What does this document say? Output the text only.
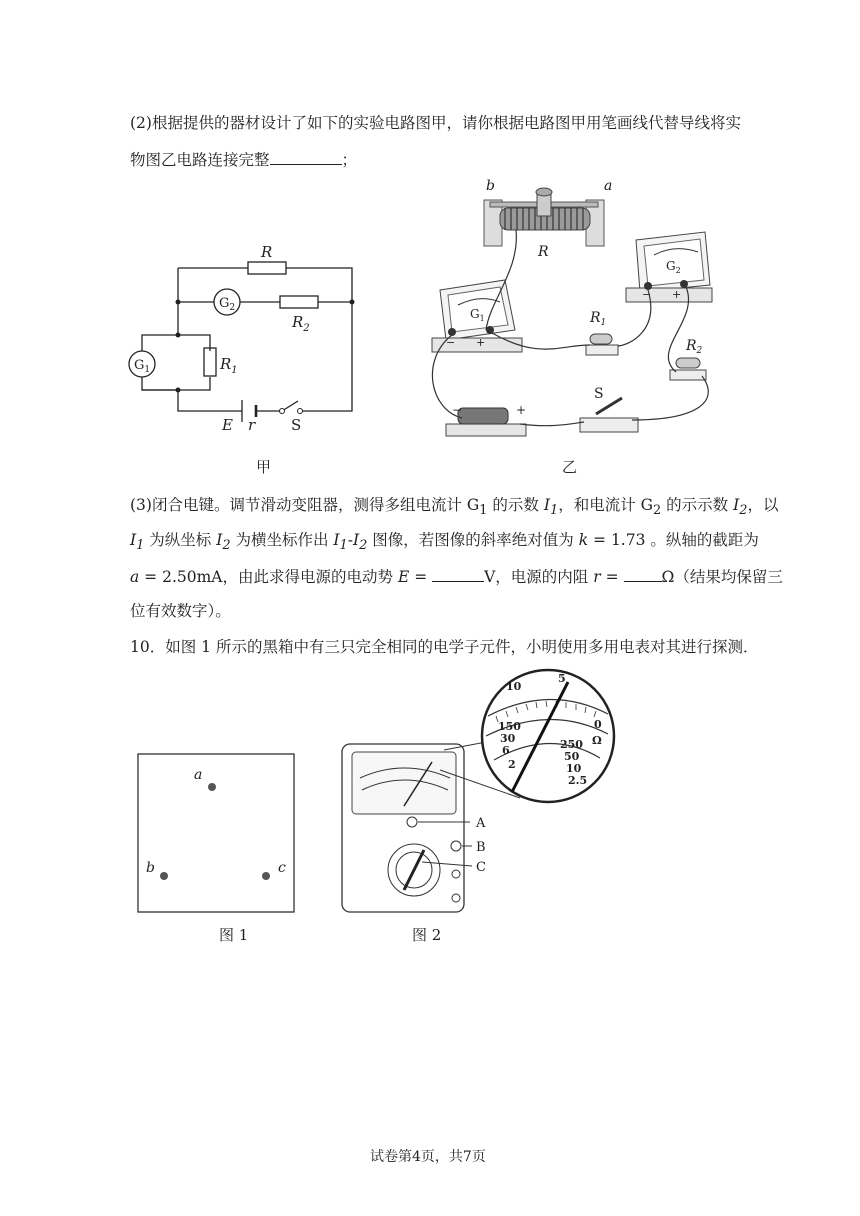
(2)根据提供的器材设计了如下的实验电路图甲，请你根据电路图甲用笔画线代替导线将实
物图乙电路连接完整	；
R
$G_2$
$R_2$
$G_1$	$R_1$
E r S
b	a
R
$G_1$
$G_2$
$R_1$
$R_2$
S
− +
− +
−	+
a
b	c
A
B
C
10
5
0
150
30
6
2
250
50
10
2.5
Ω
甲	乙
(3)闭合电键。调节滑动变阻器，测得多组电流计 $G_1$ 的示数 $I_1$，和电流计 $G_2$ 的示示数 $I_2$，以
$I_1$ 为纵坐标 $I_2$ 为横坐标作出 $I_1-I_2$ 图像，若图像的斜率绝对值为 k = 1.73 。纵轴的截距为
a = 2.50mA，由此求得电源的电动势 E =	V，电源的内阻 r = Ω（结果均保留三
位有效数字）。
10．如图 1 所示的黑箱中有三只完全相同的电学子元件，小明使用多用电表对其进行探测．
图 1	图 2
试卷第4页，共7页
